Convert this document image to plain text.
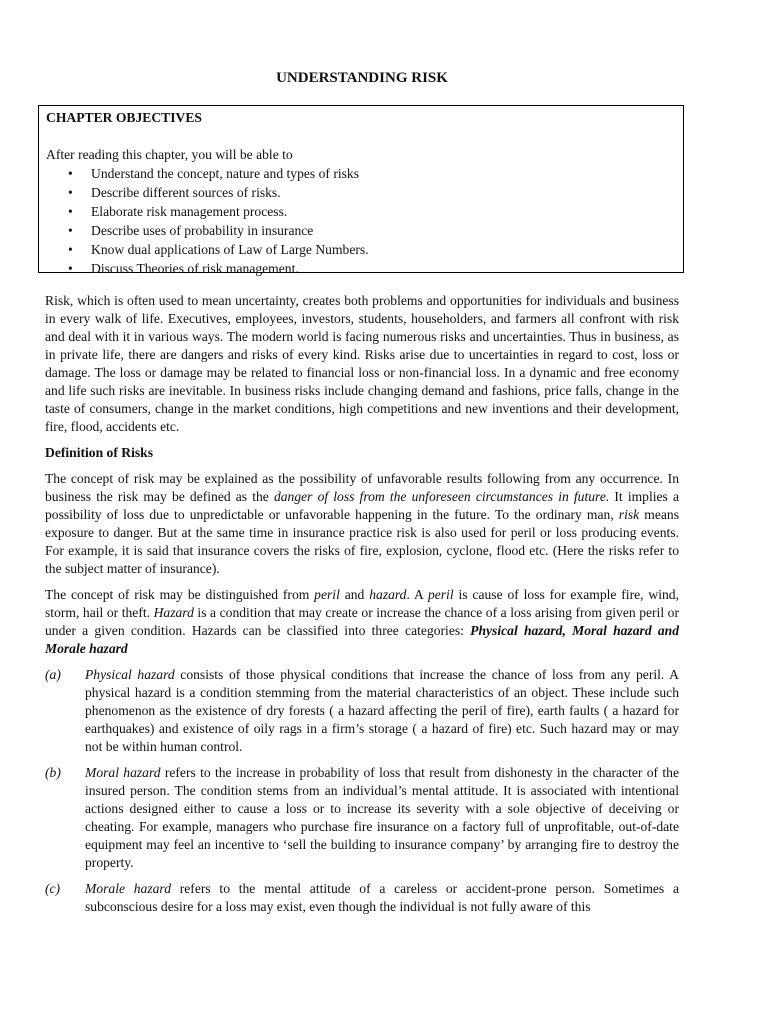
UNDERSTANDING RISK
CHAPTER OBJECTIVES
After reading this chapter, you will be able to
• Understand the concept, nature and types of risks
• Describe different sources of risks.
• Elaborate risk management process.
• Describe uses of probability in insurance
• Know dual applications of Law of Large Numbers.
• Discuss Theories of risk management.

Risk, which is often used to mean uncertainty, creates both problems and opportunities for individuals and business in every walk of life. Executives, employees, investors, students, householders, and farmers all confront with risk and deal with it in various ways. The modern world is facing numerous risks and uncertainties. Thus in business, as in private life, there are dangers and risks of every kind. Risks arise due to uncertainties in regard to cost, loss or damage. The loss or damage may be related to financial loss or non-financial loss. In a dynamic and free economy and life such risks are inevitable. In business risks include changing demand and fashions, price falls, change in the taste of consumers, change in the market conditions, high competitions and new inventions and their development, fire, flood, accidents etc.

Definition of Risks

The concept of risk may be explained as the possibility of unfavorable results following from any occurrence. In business the risk may be defined as the danger of loss from the unforeseen circumstances in future. It implies a possibility of loss due to unpredictable or unfavorable happening in the future. To the ordinary man, risk means exposure to danger. But at the same time in insurance practice risk is also used for peril or loss producing events. For example, it is said that insurance covers the risks of fire, explosion, cyclone, flood etc. (Here the risks refer to the subject matter of insurance).

The concept of risk may be distinguished from peril and hazard. A peril is cause of loss for example fire, wind, storm, hail or theft. Hazard is a condition that may create or increase the chance of a loss arising from given peril or under a given condition. Hazards can be classified into three categories: Physical hazard, Moral hazard and Morale hazard

(a) Physical hazard consists of those physical conditions that increase the chance of loss from any peril. A physical hazard is a condition stemming from the material characteristics of an object. These include such phenomenon as the existence of dry forests ( a hazard affecting the peril of fire), earth faults ( a hazard for earthquakes) and existence of oily rags in a firm’s storage ( a hazard of fire) etc. Such hazard may or may not be within human control.
(b) Moral hazard refers to the increase in probability of loss that result from dishonesty in the character of the insured person. The condition stems from an individual’s mental attitude. It is associated with intentional actions designed either to cause a loss or to increase its severity with a sole objective of deceiving or cheating. For example, managers who purchase fire insurance on a factory full of unprofitable, out-of-date equipment may feel an incentive to ‘sell the building to insurance company’ by arranging fire to destroy the property.
(c) Morale hazard refers to the mental attitude of a careless or accident-prone person. Sometimes a subconscious desire for a loss may exist, even though the individual is not fully aware of this
